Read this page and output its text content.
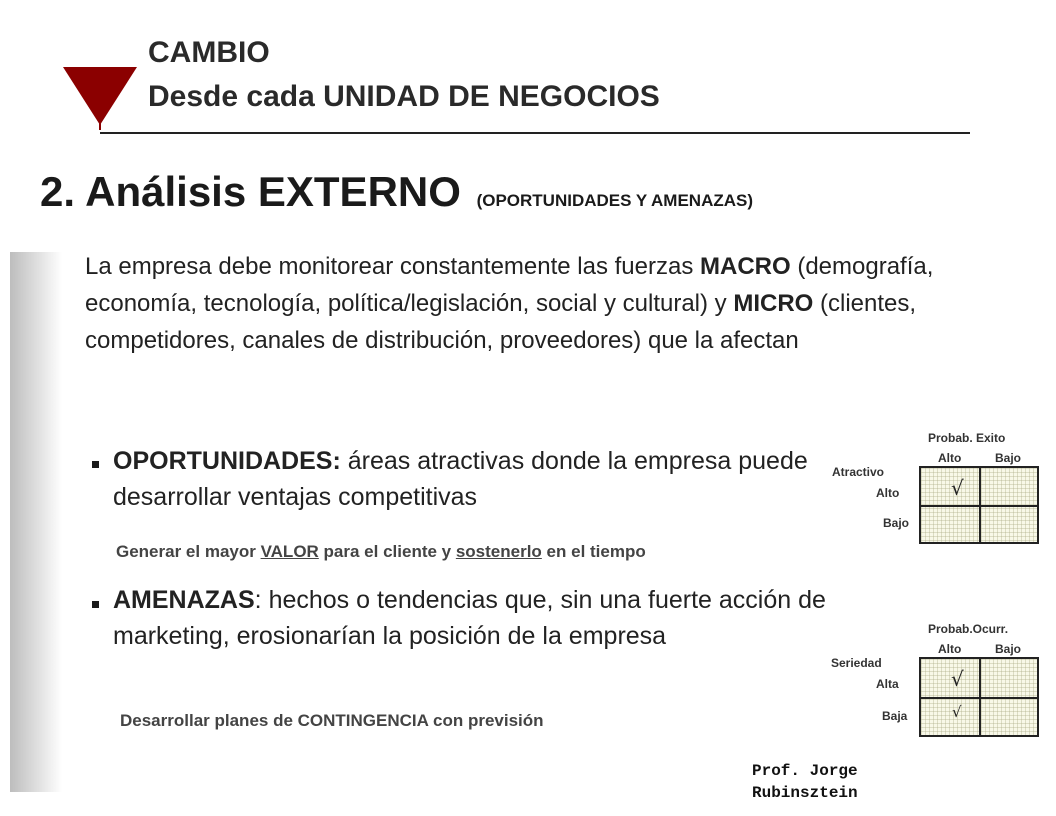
CAMBIO
Desde cada UNIDAD DE NEGOCIOS
2. Análisis EXTERNO (OPORTUNIDADES Y AMENAZAS)
La empresa debe monitorear constantemente las fuerzas MACRO (demografía, economía, tecnología, política/legislación, social y cultural) y MICRO (clientes, competidores, canales de distribución, proveedores) que la afectan
OPORTUNIDADES: áreas atractivas donde la empresa puede desarrollar ventajas competitivas
Generar el mayor VALOR para el cliente y sostenerlo en el tiempo
AMENAZAS: hechos o tendencias que, sin una fuerte acción de marketing, erosionarían la posición de la empresa
Desarrollar planes de CONTINGENCIA con previsión
Probab. Exito
Alto	Bajo
Atractivo
Alto
Bajo
√
Probab.Ocurr.
Alto	Bajo
Seriedad
Alta
Baja
√
√
Prof. Jorge
Rubinsztein
